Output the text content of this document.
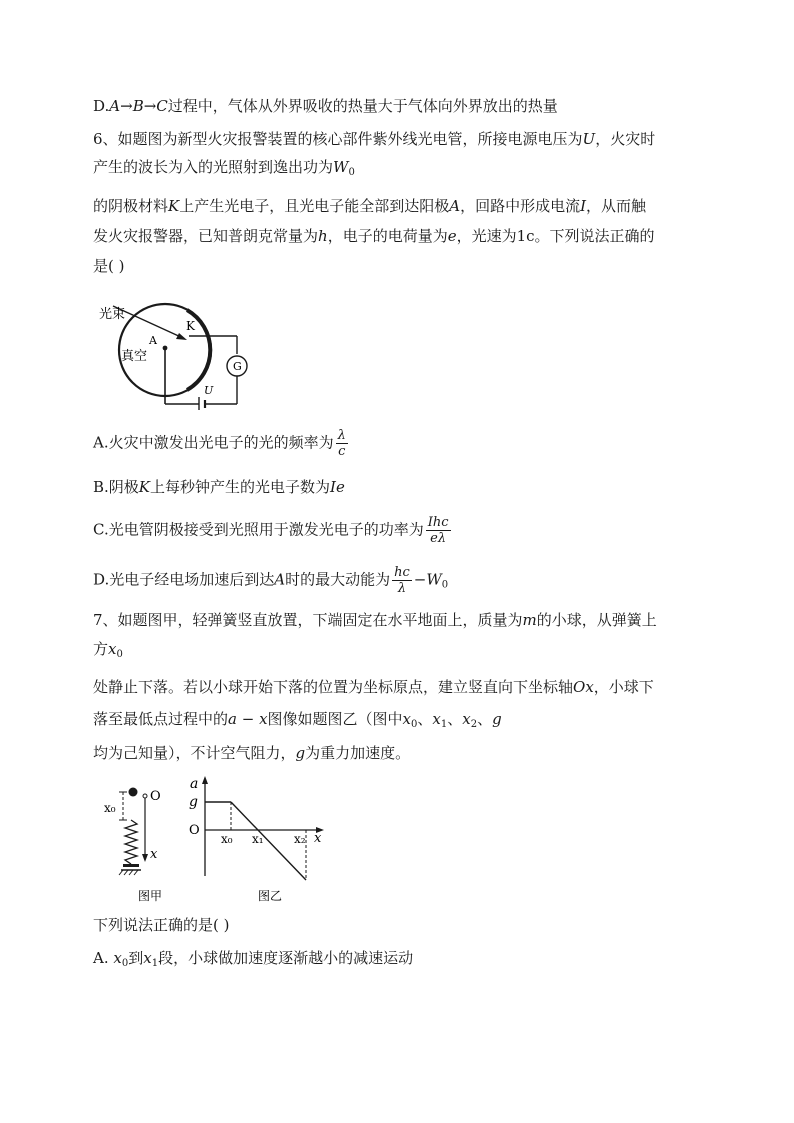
D.A→B→C过程中，气体从外界吸收的热量大于气体向外界放出的热量
6、如题图为新型火灾报警装置的核心部件紫外线光电管，所接电源电压为U，火灾时
产生的波长为入的光照射到逸出功为$W_0$
的阴极材料K上产生光电子，且光电子能全部到达阳极A，回路中形成电流I，从而触
发火灾报警器，已知普朗克常量为h，电子的电荷量为e，光速为1c。下列说法正确的
是( )
光束
真空
A
K
G
U
A.火灾中激发出光电子的光的频率为 $\frac{\lambda}{c}$
B.阴极K上每秒钟产生的光电子数为Ie
C.光电管阴极接受到光照用于激发光电子的功率为 $\frac{\text{Ihc}}{e\lambda}$
D.光电子经电场加速后到达A时的最大动能为 $\frac{hc}{\lambda} -W_0$
7、如题图甲，轻弹簧竖直放置，下端固定在水平地面上，质量为m的小球，从弹簧上
方$x_0$
处静止下落。若以小球开始下落的位置为坐标原点，建立竖直向下坐标轴Ox，小球下
落至最低点过程中的a − x图像如题图乙（图中$x_0$、$x_1$、$x_2$、g
均为己知量），不计空气阻力，g为重力加速度。
x₀
O
x
a
g
O
x₀ x₁	x₂ x
图甲	图乙
下列说法正确的是( )
A. $x_0$到$x_1$段，小球做加速度逐渐越小的减速运动
